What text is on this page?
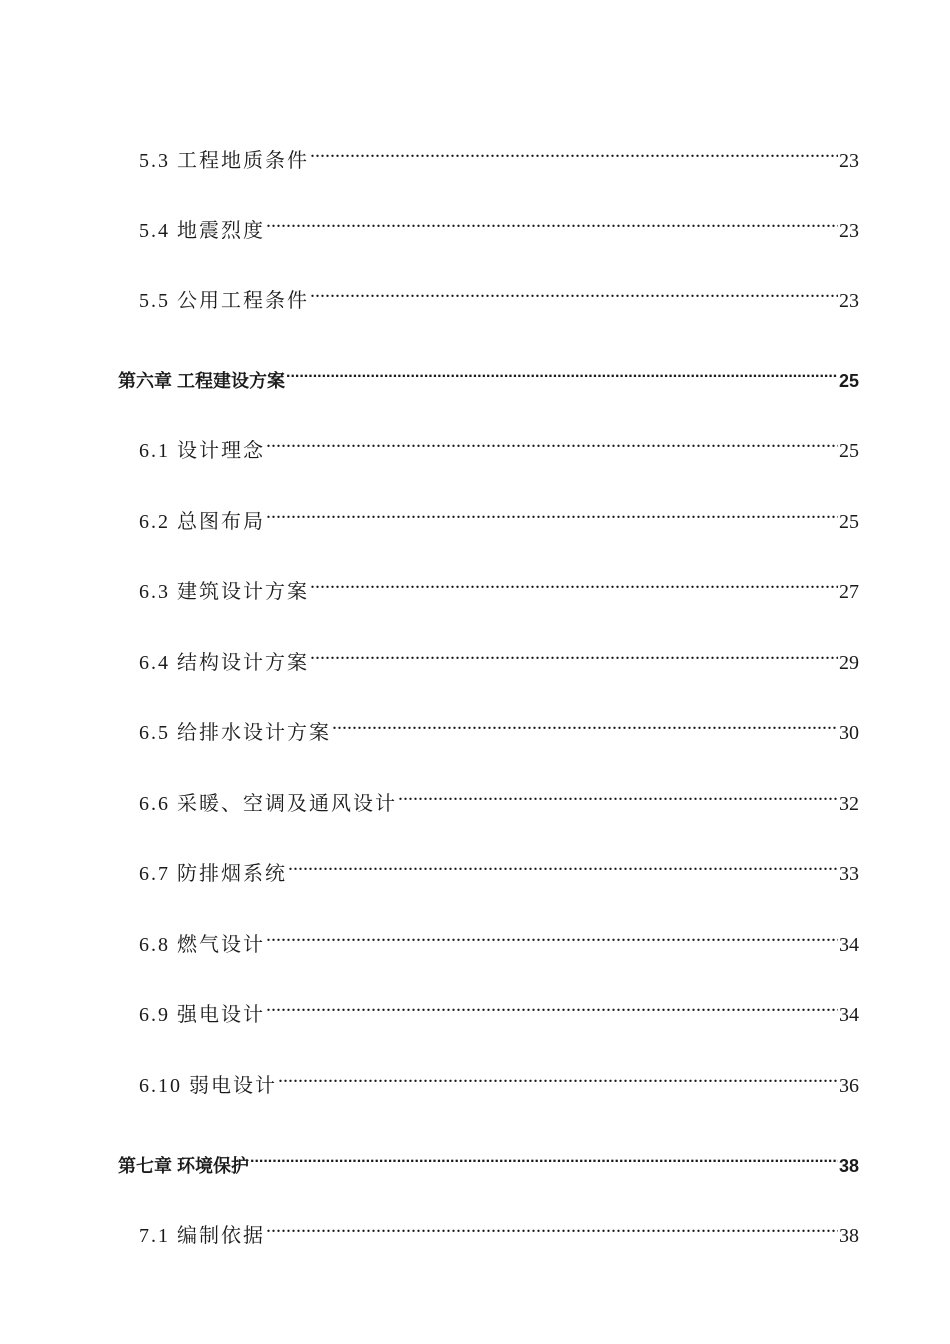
5.3 工程地质条件 .....	23
5.4 地震烈度 .....	23
5.5 公用工程条件 .....	23
第六章 工程建设方案 .....	25
6.1 设计理念 .....	25
6.2 总图布局 .....	25
6.3 建筑设计方案 .....	27
6.4 结构设计方案 .....	29
6.5 给排水设计方案 .....	30
6.6 采暖、空调及通风设计 .....	32
6.7 防排烟系统 .....	33
6.8 燃气设计 .....	34
6.9 强电设计 .....	34
6.10 弱电设计 .....	36
第七章 环境保护 .....	38
7.1 编制依据 .....	38
